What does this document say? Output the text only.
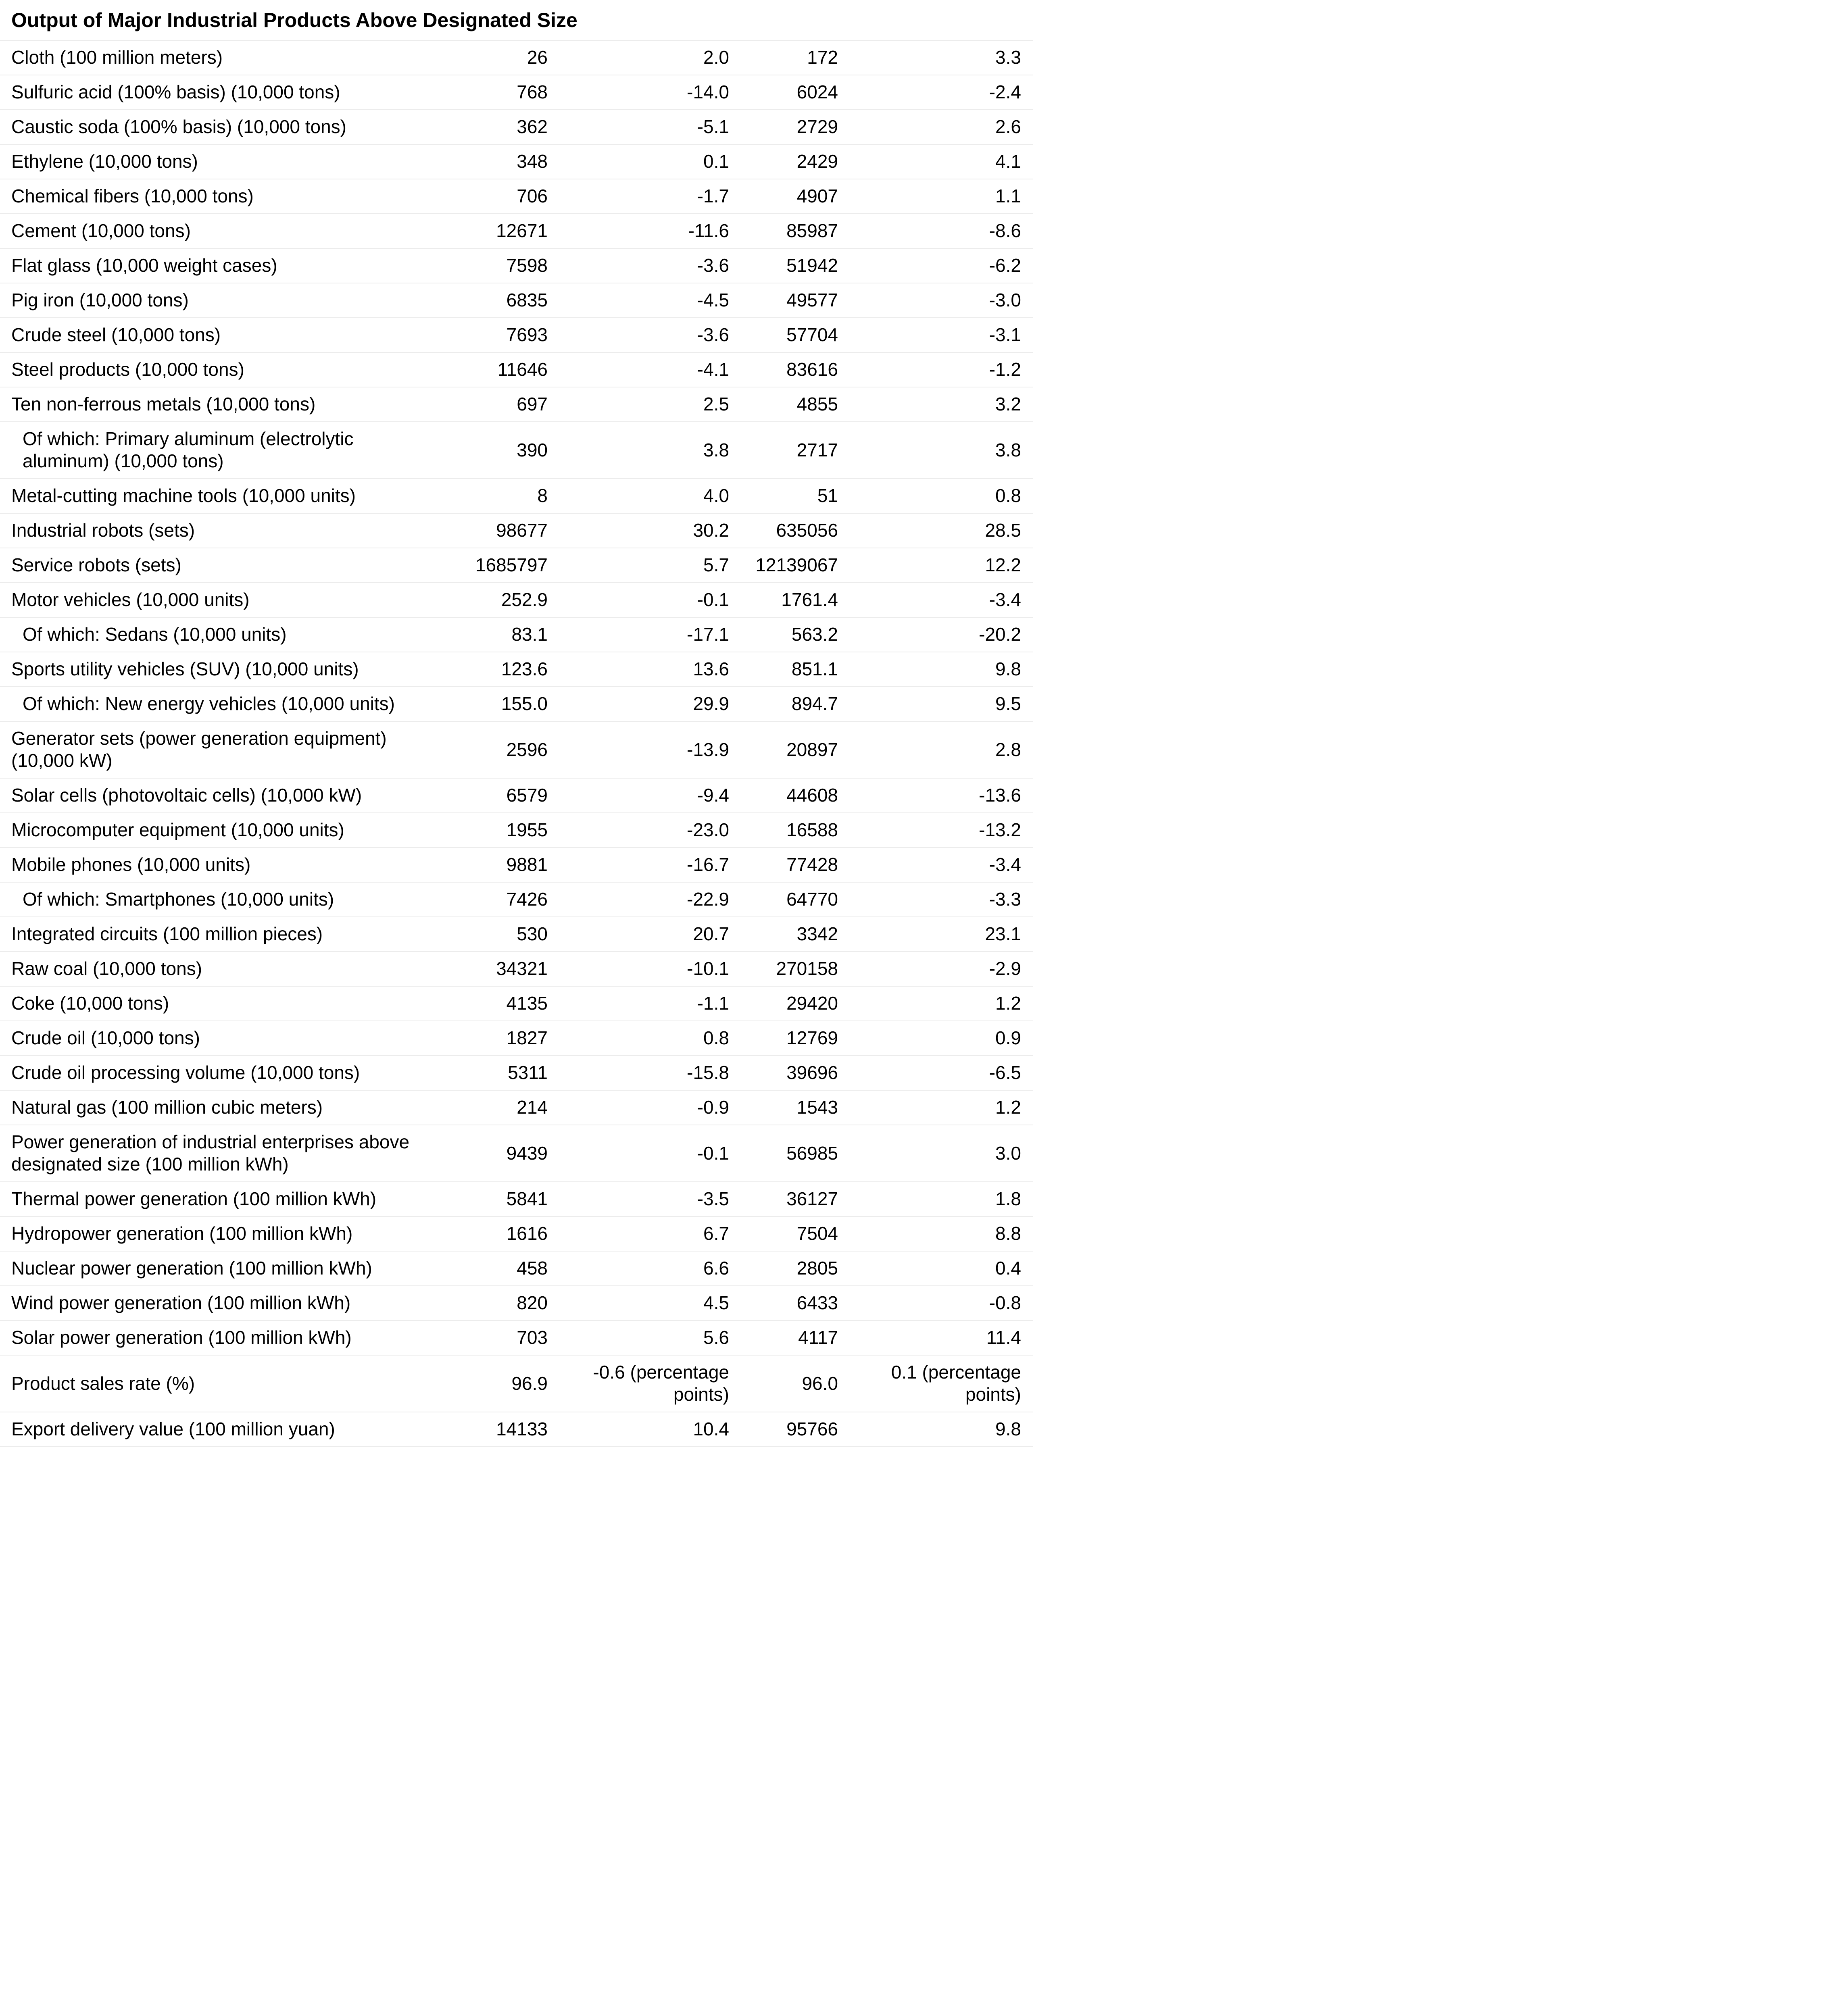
Output of Major Industrial Products Above Designated Size
Cloth (100 million meters)	26	2.0	172	3.3
Sulfuric acid (100% basis) (10,000 tons)	768	-14.0	6024	-2.4
Caustic soda (100% basis) (10,000 tons)	362	-5.1	2729	2.6
Ethylene (10,000 tons)	348	0.1	2429	4.1
Chemical fibers (10,000 tons)	706	-1.7	4907	1.1
Cement (10,000 tons)	12671	-11.6	85987	-8.6
Flat glass (10,000 weight cases)	7598	-3.6	51942	-6.2
Pig iron (10,000 tons)	6835	-4.5	49577	-3.0
Crude steel (10,000 tons)	7693	-3.6	57704	-3.1
Steel products (10,000 tons)	11646	-4.1	83616	-1.2
Ten non-ferrous metals (10,000 tons)	697	2.5	4855	3.2
Of which: Primary aluminum (electrolytic aluminum) (10,000 tons)	390	3.8	2717	3.8
Metal-cutting machine tools (10,000 units)	8	4.0	51	0.8
Industrial robots (sets)	98677	30.2	635056	28.5
Service robots (sets)	1685797	5.7	12139067	12.2
Motor vehicles (10,000 units)	252.9	-0.1	1761.4	-3.4
Of which: Sedans (10,000 units)	83.1	-17.1	563.2	-20.2
Sports utility vehicles (SUV) (10,000 units)	123.6	13.6	851.1	9.8
Of which: New energy vehicles (10,000 units)	155.0	29.9	894.7	9.5
Generator sets (power generation equipment) (10,000 kW)	2596	-13.9	20897	2.8
Solar cells (photovoltaic cells) (10,000 kW)	6579	-9.4	44608	-13.6
Microcomputer equipment (10,000 units)	1955	-23.0	16588	-13.2
Mobile phones (10,000 units)	9881	-16.7	77428	-3.4
Of which: Smartphones (10,000 units)	7426	-22.9	64770	-3.3
Integrated circuits (100 million pieces)	530	20.7	3342	23.1
Raw coal (10,000 tons)	34321	-10.1	270158	-2.9
Coke (10,000 tons)	4135	-1.1	29420	1.2
Crude oil (10,000 tons)	1827	0.8	12769	0.9
Crude oil processing volume (10,000 tons)	5311	-15.8	39696	-6.5
Natural gas (100 million cubic meters)	214	-0.9	1543	1.2
Power generation of industrial enterprises above designated size (100 million kWh)	9439	-0.1	56985	3.0
Thermal power generation (100 million kWh)	5841	-3.5	36127	1.8
Hydropower generation (100 million kWh)	1616	6.7	7504	8.8
Nuclear power generation (100 million kWh)	458	6.6	2805	0.4
Wind power generation (100 million kWh)	820	4.5	6433	-0.8
Solar power generation (100 million kWh)	703	5.6	4117	11.4
Product sales rate (%)	96.9	-0.6 (percentage points)	96.0	0.1 (percentage points)
Export delivery value (100 million yuan)	14133	10.4	95766	9.8
